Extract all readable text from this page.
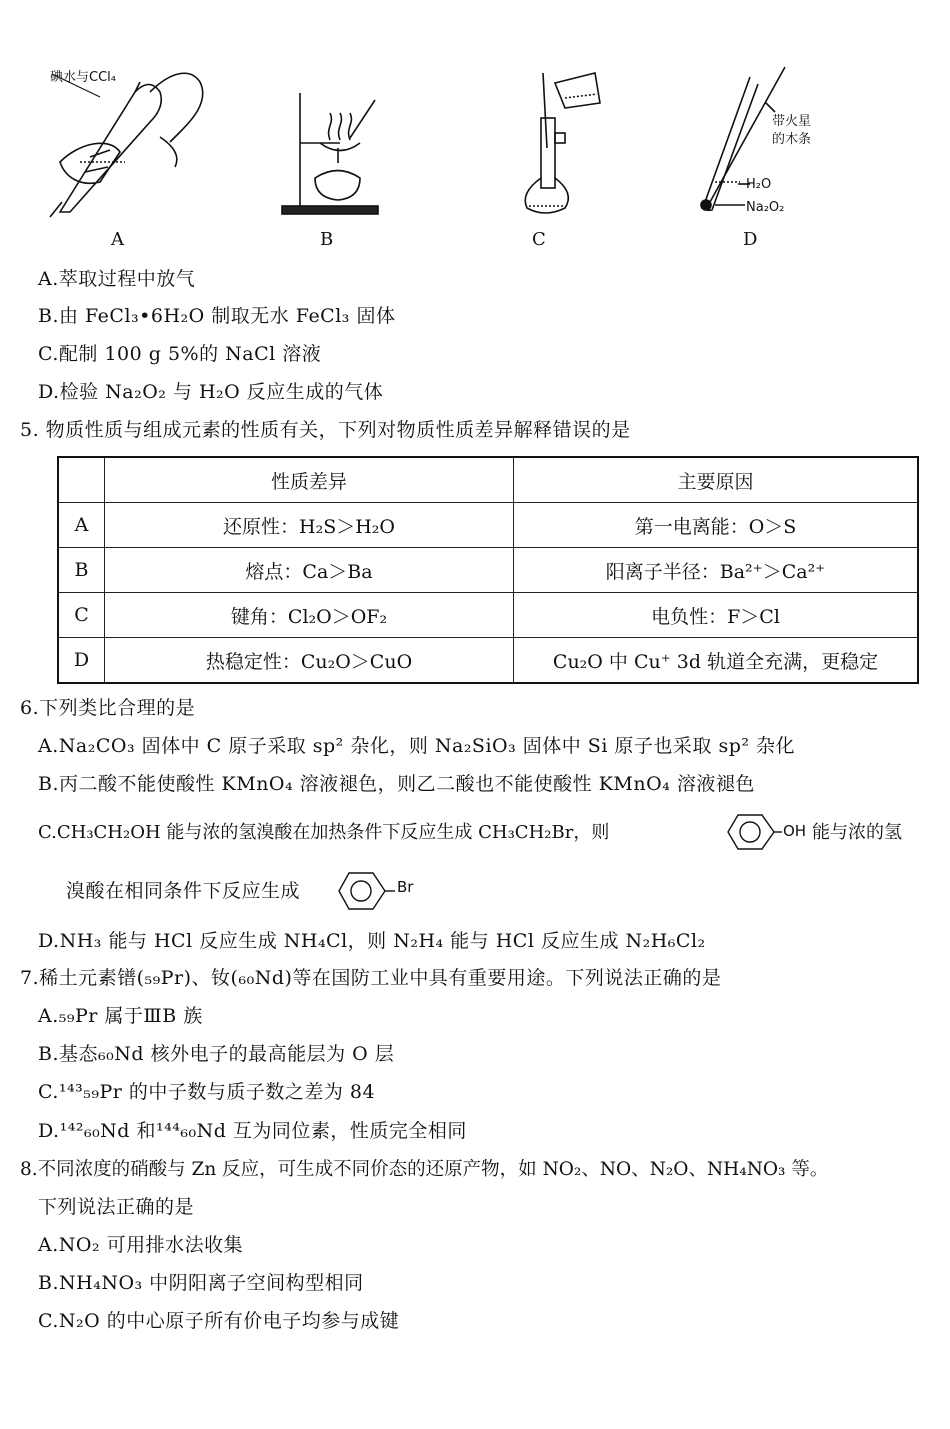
碘水与CCl₄
A	B	C
带火星
的木条
H₂O
Na₂O₂
D
A.萃取过程中放气
B.由 FeCl₃•6H₂O 制取无水 FeCl₃ 固体
C.配制 100 g 5%的 NaCl 溶液
D.检验 Na₂O₂ 与 H₂O 反应生成的气体
5. 物质性质与组成元素的性质有关，下列对物质性质差异解释错误的是
	性质差异	主要原因
A	还原性：H₂S＞H₂O	第一电离能：O＞S
B	熔点：Ca＞Ba	阳离子半径：Ba²⁺＞Ca²⁺
C	键角：Cl₂O＞OF₂	电负性：F＞Cl
D	热稳定性：Cu₂O＞CuO	Cu₂O 中 Cu⁺ 3d 轨道全充满，更稳定
6.下列类比合理的是
A.Na₂CO₃ 固体中 C 原子采取 sp² 杂化，则 Na₂SiO₃ 固体中 Si 原子也采取 sp² 杂化
B.丙二酸不能使酸性 KMnO₄ 溶液褪色，则乙二酸也不能使酸性 KMnO₄ 溶液褪色
C.CH₃CH₂OH 能与浓的氢溴酸在加热条件下反应生成 CH₃CH₂Br，则	OH 能与浓的氢
溴酸在相同条件下反应生成	Br
D.NH₃ 能与 HCl 反应生成 NH₄Cl，则 N₂H₄ 能与 HCl 反应生成 N₂H₆Cl₂
7.稀土元素镨(₅₉Pr)、钕(₆₀Nd)等在国防工业中具有重要用途。下列说法正确的是
A.₅₉Pr 属于ⅢB 族
B.基态₆₀Nd 核外电子的最高能层为 O 层
C.¹⁴³₅₉Pr 的中子数与质子数之差为 84
D.¹⁴²₆₀Nd 和¹⁴⁴₆₀Nd 互为同位素，性质完全相同
8.不同浓度的硝酸与 Zn 反应，可生成不同价态的还原产物，如 NO₂、NO、N₂O、NH₄NO₃ 等。
下列说法正确的是
A.NO₂ 可用排水法收集
B.NH₄NO₃ 中阴阳离子空间构型相同
C.N₂O 的中心原子所有价电子均参与成键
